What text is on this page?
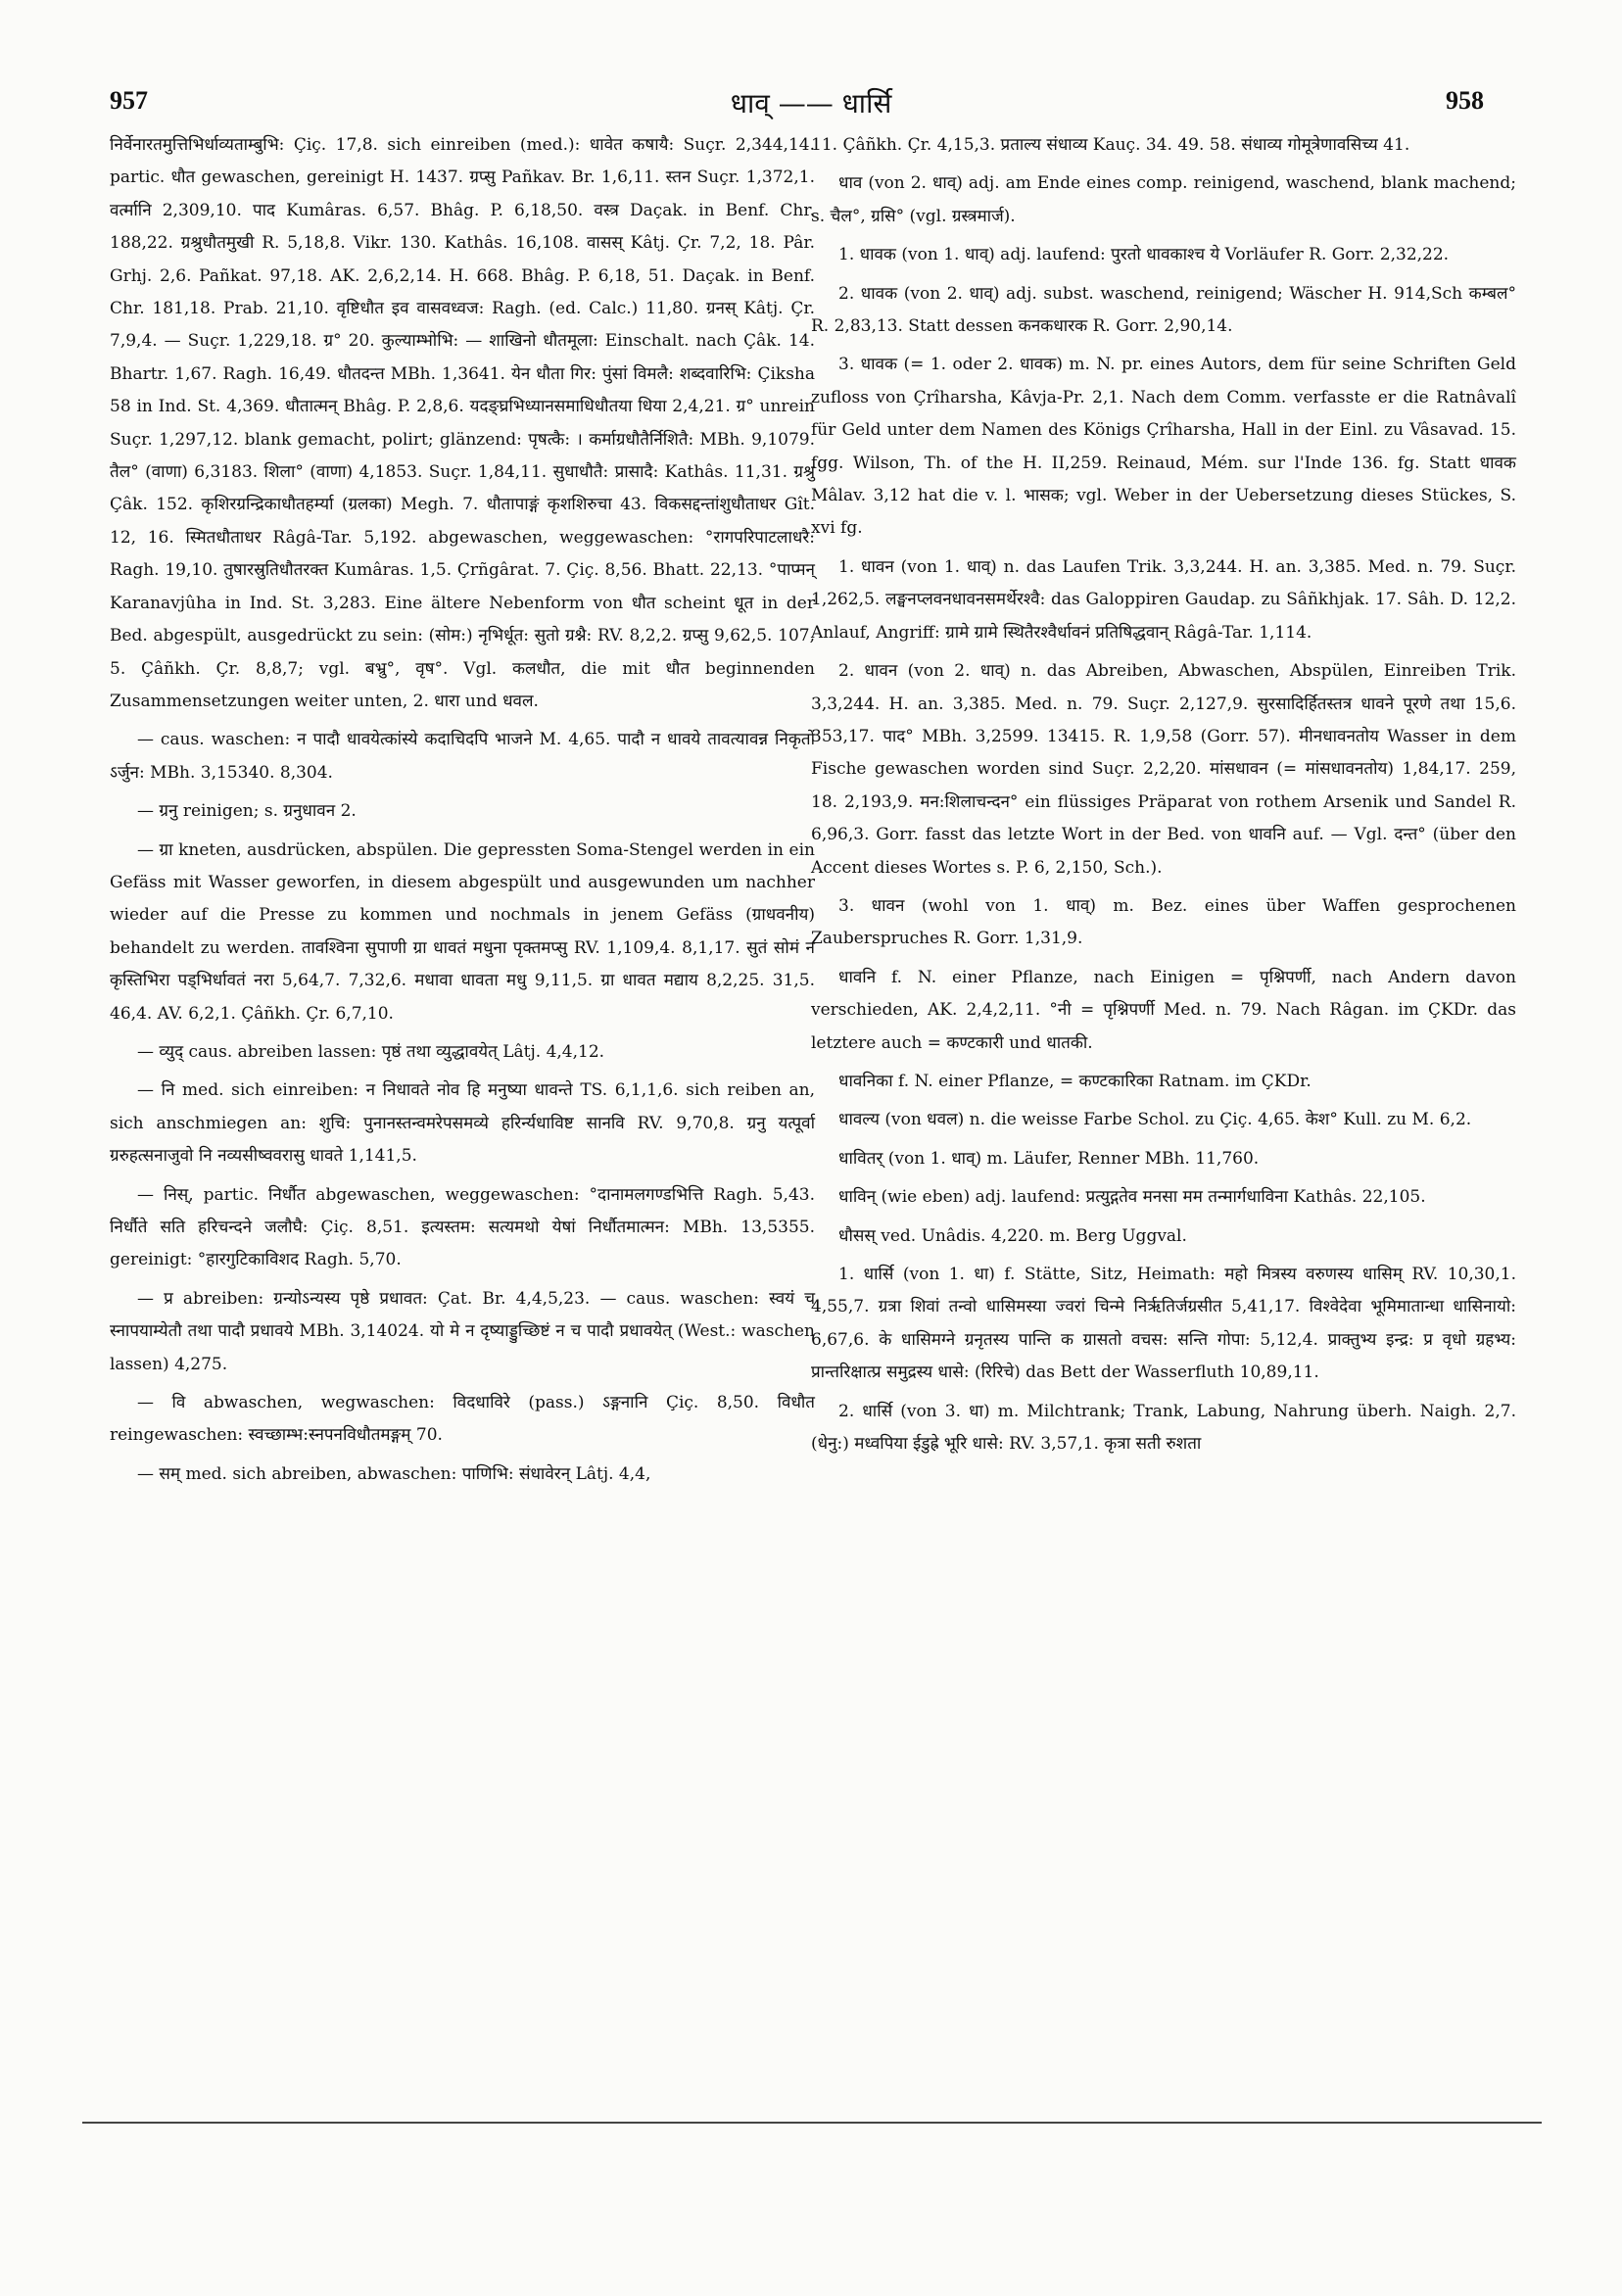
957	धाव् —— धार्सि	958

निर्वेनारतमुत्तिभिर्धाव्यताम्बुभि: Çiç. 17,8. sich einreiben (med.): धावेत कषायै: Suçr. 2,344,14. partic. धौत gewaschen, gereinigt H. 1437. ग्रप्सु Pañkav. Br. 1,6,11. स्तन Suçr. 1,372,1. वर्त्मानि 2,309,10. पाद Kumâras. 6,57. Bhâg. P. 6,18,50. वस्त्र Daçak. in Benf. Chr. 188,22. ग्रश्रुधौतमुखी R. 5,18,8. Vikr. 130. Kathâs. 16,108. वासस् Kâtj. Çr. 7,2, 18. Pâr. Grhj. 2,6. Pañkat. 97,18. AK. 2,6,2,14. H. 668. Bhâg. P. 6,18, 51. Daçak. in Benf. Chr. 181,18. Prab. 21,10. वृष्टिधौत इव वासवध्वज: Ragh. (ed. Calc.) 11,80. ग्रनस् Kâtj. Çr. 7,9,4. — Suçr. 1,229,18. ग्र° 20. कुल्याम्भोभि: — शाखिनो धौतमूला: Einschalt. nach Çâk. 14. Bhartr. 1,67. Ragh. 16,49. धौतदन्त MBh. 1,3641. येन धौता गिर: पुंसां विमलै: शब्दवारिभि: Çiksha 58 in Ind. St. 4,369. धौतात्मन् Bhâg. P. 2,8,6. यदङ्घ्रभिध्यानसमाधिधौतया धिया 2,4,21. ग्र° unrein Suçr. 1,297,12. blank gemacht, polirt; glänzend: पृषत्कै: । कर्माग्रधौतैर्निशितै: MBh. 9,1079. तैल° (वाणा) 6,3183. शिला° (वाणा) 4,1853. Suçr. 1,84,11. सुधाधौतै: प्रासादै: Kathâs. 11,31. ग्रश्रु Çâk. 152. कृशिरग्रन्द्रिकाधौतहर्म्या (ग्रलका) Megh. 7. धौतापाङ्गं कृशशिरुचा 43. विकसद्दन्तांशुधौताधर Gît. 12, 16. स्मितधौताधर Râgâ-Tar. 5,192. abgewaschen, weggewaschen: °रागपरिपाटलाधरै: Ragh. 19,10. तुषारस्रुतिधौतरक्त Kumâras. 1,5. Çrñgârat. 7. Çiç. 8,56. Bhatt. 22,13. °पाप्मन् Karanavjûha in Ind. St. 3,283. Eine ältere Nebenform von धौत scheint धूत in der Bed. abgespült, ausgedrückt zu sein: (सोम:) नृभिर्धूत: सुतो ग्रश्नै: RV. 8,2,2. ग्रप्सु 9,62,5. 107, 5. Çâñkh. Çr. 8,8,7; vgl. बभ्रु°, वृष°. Vgl. कलधौत, die mit धौत beginnenden Zusammensetzungen weiter unten, 2. धारा und धवल.

— caus. waschen: न पादौ धावयेत्कांस्ये कदाचिदपि भाजने M. 4,65. पादौ न धावये तावत्यावन्न निकृतो ऽर्जुन: MBh. 3,15340. 8,304.

— ग्रनु reinigen; s. ग्रनुधावन 2.

— ग्रा kneten, ausdrücken, abspülen. Die gepressten Soma-Stengel werden in ein Gefäss mit Wasser geworfen, in diesem abgespült und ausgewunden um nachher wieder auf die Presse zu kommen und nochmals in jenem Gefäss (ग्राधवनीय) behandelt zu werden. तावश्विना सुपाणी ग्रा धावतं मधुना पृक्तमप्सु RV. 1,109,4. 8,1,17. सुतं सोमं न कृस्तिभिरा पड्भिर्धावतं नरा 5,64,7. 7,32,6. मधावा धावता मधु 9,11,5. ग्रा धावत मद्याय 8,2,25. 31,5. 46,4. AV. 6,2,1. Çâñkh. Çr. 6,7,10.

— व्युद् caus. abreiben lassen: पृष्ठं तथा व्युद्धावयेत् Lâtj. 4,4,12.

— नि med. sich einreiben: न निधावते नोव हि मनुष्या धावन्ते TS. 6,1,1,6. sich reiben an, sich anschmiegen an: शुचि: पुनानस्तन्वमरेपसमव्ये हरिर्न्यधाविष्ट सानवि RV. 9,70,8. ग्रनु यत्पूर्वा ग्ररुहत्सनाजुवो नि नव्यसीष्ववरासु धावते 1,141,5.

— निस्, partic. निर्धौत abgewaschen, weggewaschen: °दानामलगण्डभित्ति Ragh. 5,43. निर्धौते सति हरिचन्दने जलौघै: Çiç. 8,51. इत्यस्तम: सत्यमथो येषां निर्धौतमात्मन: MBh. 13,5355. gereinigt: °हारगुटिकाविशद Ragh. 5,70.

— प्र abreiben: ग्रन्योऽन्यस्य पृष्ठे प्रधावत: Çat. Br. 4,4,5,23. — caus. waschen: स्वयं च स्नापयाम्येतौ तथा पादौ प्रधावये MBh. 3,14024. यो मे न दृष्याड्डुच्छिष्टं न च पादौ प्रधावयेत् (West.: waschen lassen) 4,275.

— वि abwaschen, wegwaschen: विदधाविरे (pass.) ऽङ्गनानि Çiç. 8,50. विधौत reingewaschen: स्वच्छाम्भ:स्नपनविधौतमङ्गम् 70.

— सम् med. sich abreiben, abwaschen: पाणिभि: संधावेरन् Lâtj. 4,4,

11. Çâñkh. Çr. 4,15,3. प्रताल्य संधाव्य Kauç. 34. 49. 58. संधाव्य गोमूत्रेणावसिच्य 41.

धाव (von 2. धाव्) adj. am Ende eines comp. reinigend, waschend, blank machend; s. चैल°, ग्रसि° (vgl. ग्रस्त्रमार्ज).

1. धावक (von 1. धाव्) adj. laufend: पुरतो धावकाश्च ये Vorläufer R. Gorr. 2,32,22.

2. धावक (von 2. धाव्) adj. subst. waschend, reinigend; Wäscher H. 914,Sch कम्बल° R. 2,83,13. Statt dessen कनकधारक R. Gorr. 2,90,14.

3. धावक (= 1. oder 2. धावक) m. N. pr. eines Autors, dem für seine Schriften Geld zufloss von Çrîharsha, Kâvja-Pr. 2,1. Nach dem Comm. verfasste er die Ratnâvalî für Geld unter dem Namen des Königs Çrîharsha, Hall in der Einl. zu Vâsavad. 15. fgg. Wilson, Th. of the H. II,259. Reinaud, Mém. sur l'Inde 136. fg. Statt धावक Mâlav. 3,12 hat die v. l. भासक; vgl. Weber in der Uebersetzung dieses Stückes, S. xvi fg.

1. धावन (von 1. धाव्) n. das Laufen Trik. 3,3,244. H. an. 3,385. Med. n. 79. Suçr. 1,262,5. लङ्घनप्लवनधावनसमर्थेरश्वै: das Galoppiren Gaudap. zu Sâñkhjak. 17. Sâh. D. 12,2. Anlauf, Angriff: ग्रामे ग्रामे स्थितैरश्वैर्धावनं प्रतिषिद्धवान् Râgâ-Tar. 1,114.

2. धावन (von 2. धाव्) n. das Abreiben, Abwaschen, Abspülen, Einreiben Trik. 3,3,244. H. an. 3,385. Med. n. 79. Suçr. 2,127,9. सुरसादिर्हितस्तत्र धावने पूरणे तथा 15,6. 353,17. पाद° MBh. 3,2599. 13415. R. 1,9,58 (Gorr. 57). मीनधावनतोय Wasser in dem Fische gewaschen worden sind Suçr. 2,2,20. मांसधावन (= मांसधावनतोय) 1,84,17. 259, 18. 2,193,9. मन:शिलाचन्दन° ein flüssiges Präparat von rothem Arsenik und Sandel R. 6,96,3. Gorr. fasst das letzte Wort in der Bed. von धावनि auf. — Vgl. दन्त° (über den Accent dieses Wortes s. P. 6, 2,150, Sch.).

3. धावन (wohl von 1. धाव्) m. Bez. eines über Waffen gesprochenen Zauberspruches R. Gorr. 1,31,9.

धावनि f. N. einer Pflanze, nach Einigen = पृश्निपर्णी, nach Andern davon verschieden, AK. 2,4,2,11. °नी = पृश्निपर्णी Med. n. 79. Nach Râgan. im ÇKDr. das letztere auch = कण्टकारी und धातकी.

धावनिका f. N. einer Pflanze, = कण्टकारिका Ratnam. im ÇKDr.

धावल्य (von धवल) n. die weisse Farbe Schol. zu Çiç. 4,65. केश° Kull. zu M. 6,2.

धावितर् (von 1. धाव्) m. Läufer, Renner MBh. 11,760.

धाविन् (wie eben) adj. laufend: प्रत्युद्गतेव मनसा मम तन्मार्गधाविना Kathâs. 22,105.

धौसस् ved. Unâdis. 4,220. m. Berg Uggval.

1. धार्सि (von 1. धा) f. Stätte, Sitz, Heimath: महो मित्रस्य वरुणस्य धासिम् RV. 10,30,1. 4,55,7. ग्रत्रा शिवां तन्वो धासिमस्या ज्वरां चिन्मे निर्ऋतिर्जग्रसीत 5,41,17. विश्वेदेवा भूमिमातान्धा धासिनायो: 6,67,6. के धासिमग्ने ग्रनृतस्य पान्ति क ग्रासतो वचस: सन्ति गोपा: 5,12,4. प्राक्तुभ्य इन्द्र: प्र वृधो ग्रहभ्य: प्रान्तरिक्षात्प्र समुद्रस्य धासे: (रिरिचे) das Bett der Wasserfluth 10,89,11.

2. धार्सि (von 3. धा) m. Milchtrank; Trank, Labung, Nahrung überh. Naigh. 2,7. (धेनु:) मध्वपिया ईडुह्रे भूरि धासे: RV. 3,57,1. कृत्रा सती रुशता
